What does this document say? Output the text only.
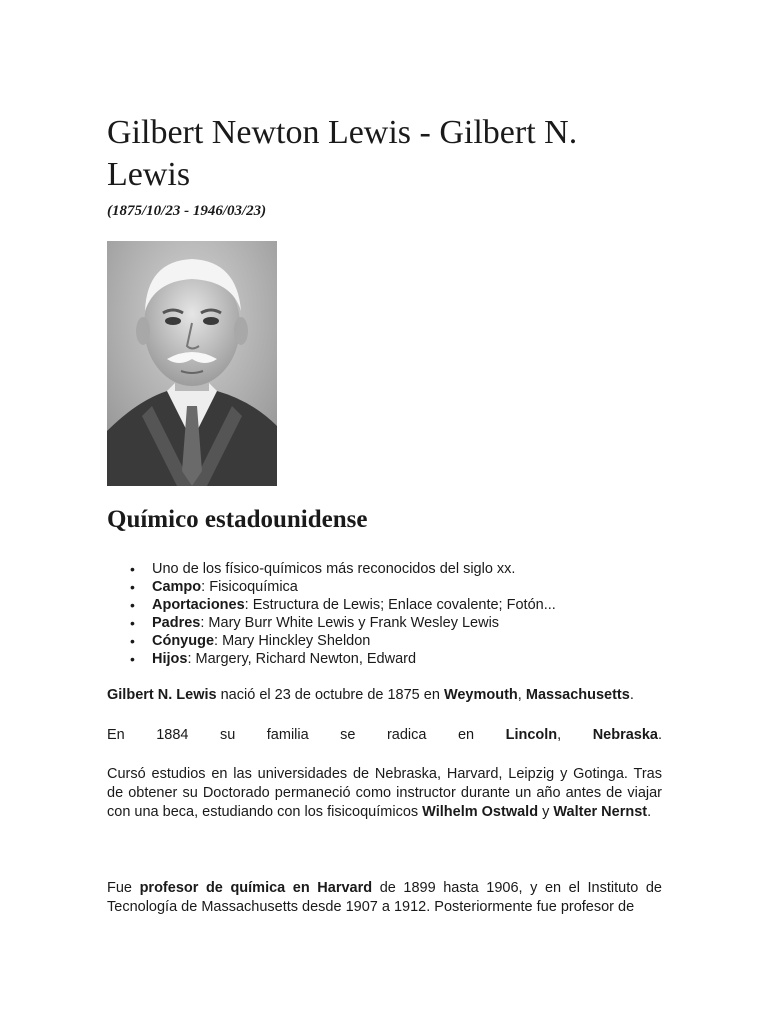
Gilbert Newton Lewis - Gilbert N. Lewis
(1875/10/23 - 1946/03/23)
Químico estadounidense
• Uno de los físico-químicos más reconocidos del siglo xx.
• Campo: Fisicoquímica
• Aportaciones: Estructura de Lewis; Enlace covalente; Fotón...
• Padres: Mary Burr White Lewis y Frank Wesley Lewis
• Cónyuge: Mary Hinckley Sheldon
• Hijos: Margery, Richard Newton, Edward

Gilbert N. Lewis nació el 23 de octubre de 1875 en Weymouth, Massachusetts.

En 1884 su familia se radica en Lincoln, Nebraska.

Cursó estudios en las universidades de Nebraska, Harvard, Leipzig y Gotinga. Tras de obtener su Doctorado permaneció como instructor durante un año antes de viajar con una beca, estudiando con los fisicoquímicos Wilhelm Ostwald y Walter Nernst.

Fue profesor de química en Harvard de 1899 hasta 1906, y en el Instituto de Tecnología de Massachusetts desde 1907 a 1912. Posteriormente fue profesor de
